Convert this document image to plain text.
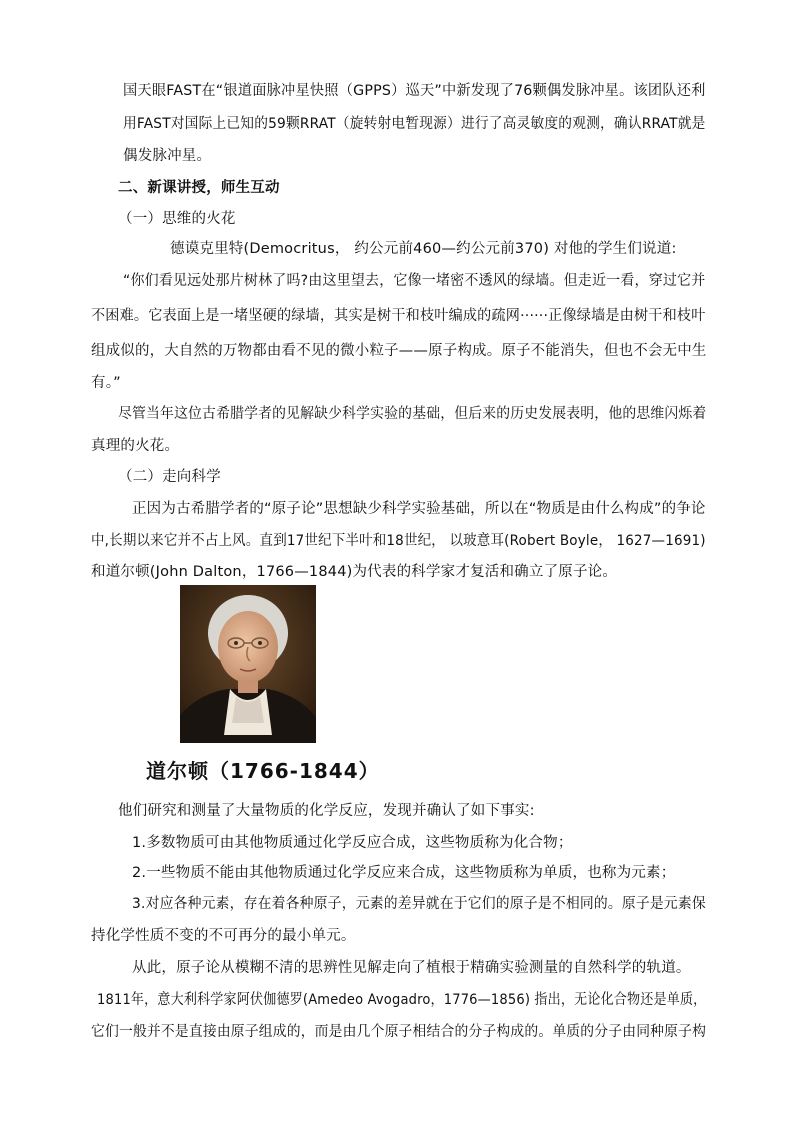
国天眼FAST在“银道面脉冲星快照（GPPS）巡天”中新发现了76颗偶发脉冲星。该团队还利
用FAST对国际上已知的59颗RRAT（旋转射电暂现源）进行了高灵敏度的观测，确认RRAT就是
偶发脉冲星。
二、新课讲授，师生互动
（一）思维的火花
德谟克里特(Democritus， 约公元前460—约公元前370) 对他的学生们说道:
“你们看见远处那片树林了吗?由这里望去，它像一堵密不透风的绿墙。但走近一看，穿过它并
不困难。它表面上是一堵坚硬的绿墙，其实是树干和枝叶编成的疏网······正像绿墙是由树干和枝叶
组成似的，大自然的万物都由看不见的微小粒子——原子构成。原子不能消失，但也不会无中生
有。”
尽管当年这位古希腊学者的见解缺少科学实验的基础，但后来的历史发展表明，他的思维闪烁着
真理的火花。
（二）走向科学
正因为古希腊学者的“原子论”思想缺少科学实验基础，所以在“物质是由什么构成”的争论
中,长期以来它并不占上风。直到17世纪下半叶和18世纪， 以玻意耳(Robert Boyle， 1627—1691)
和道尔顿(John Dalton，1766—1844)为代表的科学家才复活和确立了原子论。
道尔顿（1766-1844）
他们研究和测量了大量物质的化学反应，发现并确认了如下事实:
1.多数物质可由其他物质通过化学反应合成，这些物质称为化合物；
2.一些物质不能由其他物质通过化学反应来合成，这些物质称为单质，也称为元素；
3.对应各种元素，存在着各种原子，元素的差异就在于它们的原子是不相同的。原子是元素保
持化学性质不变的不可再分的最小单元。
从此，原子论从模糊不清的思辨性见解走向了植根于精确实验测量的自然科学的轨道。
1811年，意大利科学家阿伏伽德罗(Amedeo Avogadro，1776—1856) 指出，无论化合物还是单质，
它们一般并不是直接由原子组成的，而是由几个原子相结合的分子构成的。单质的分子由同种原子构
